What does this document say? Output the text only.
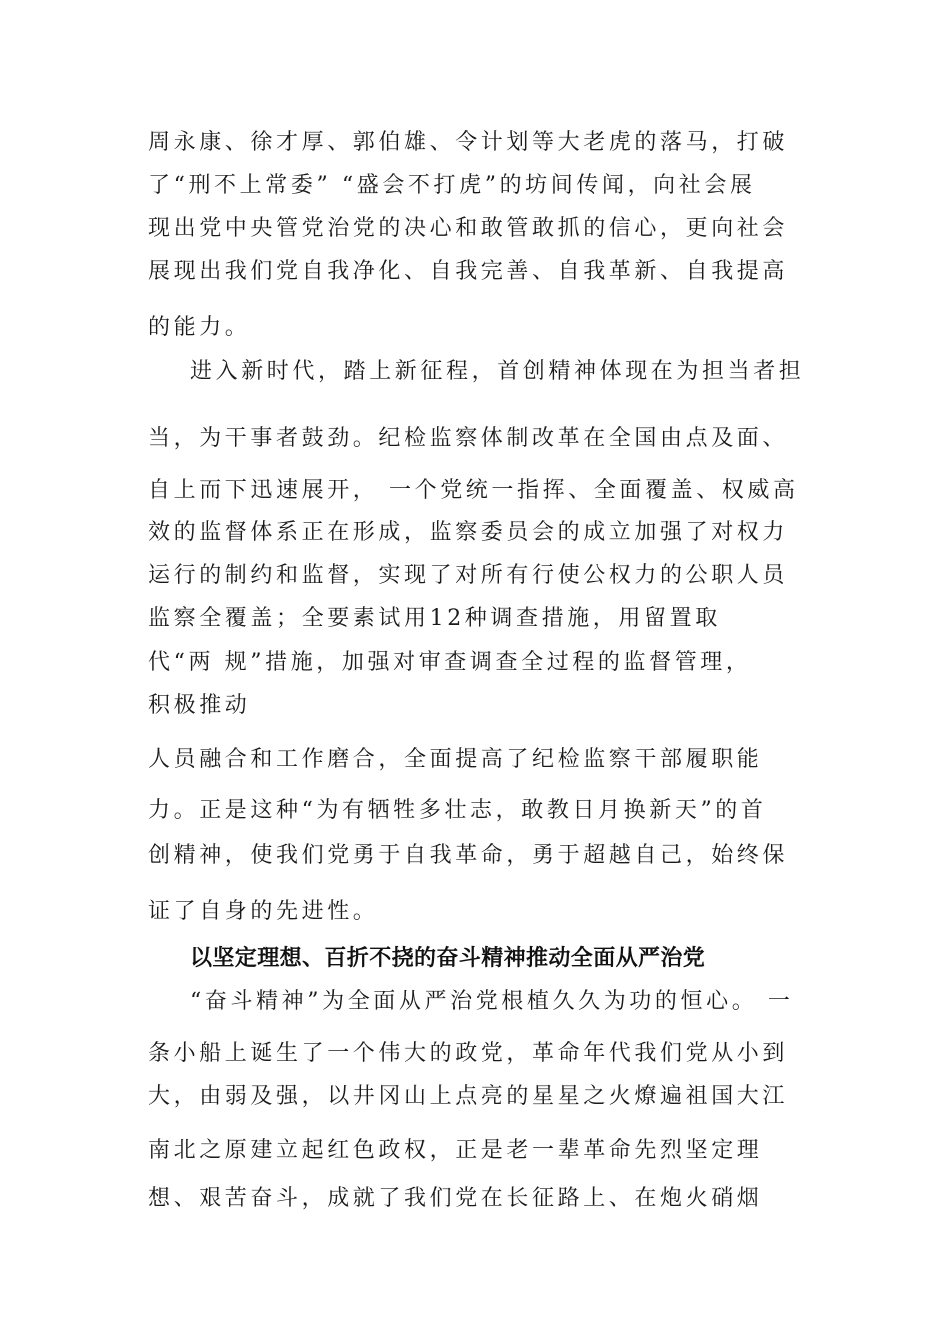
周永康、徐才厚、郭伯雄、令计划等大老虎的落马，打破

了“刑不上常委” “盛会不打虎”的坊间传闻，向社会展

现出党中央管党治党的决心和敢管敢抓的信心，更向社会

展现出我们党自我净化、自我完善、自我革新、自我提高

的能力。

进入新时代，踏上新征程，首创精神体现在为担当者担

当，为干事者鼓劲。纪检监察体制改革在全国由点及面、

自上而下迅速展开， 一个党统一指挥、全面覆盖、权威高

效的监督体系正在形成，监察委员会的成立加强了对权力

运行的制约和监督，实现了对所有行使公权力的公职人员

监察全覆盖；全要素试用12种调查措施，用留置取

代“两 规”措施，加强对审查调查全过程的监督管理，

积极推动

人员融合和工作磨合，全面提高了纪检监察干部履职能

力。正是这种“为有牺牲多壮志，敢教日月换新天”的首

创精神，使我们党勇于自我革命，勇于超越自己，始终保

证了自身的先进性。

以坚定理想、百折不挠的奋斗精神推动全面从严治党

“奋斗精神”为全面从严治党根植久久为功的恒心。 一

条小船上诞生了一个伟大的政党，革命年代我们党从小到

大，由弱及强，以井冈山上点亮的星星之火燎遍祖国大江

南北之原建立起红色政权，正是老一辈革命先烈坚定理

想、艰苦奋斗，成就了我们党在长征路上、在炮火硝烟
